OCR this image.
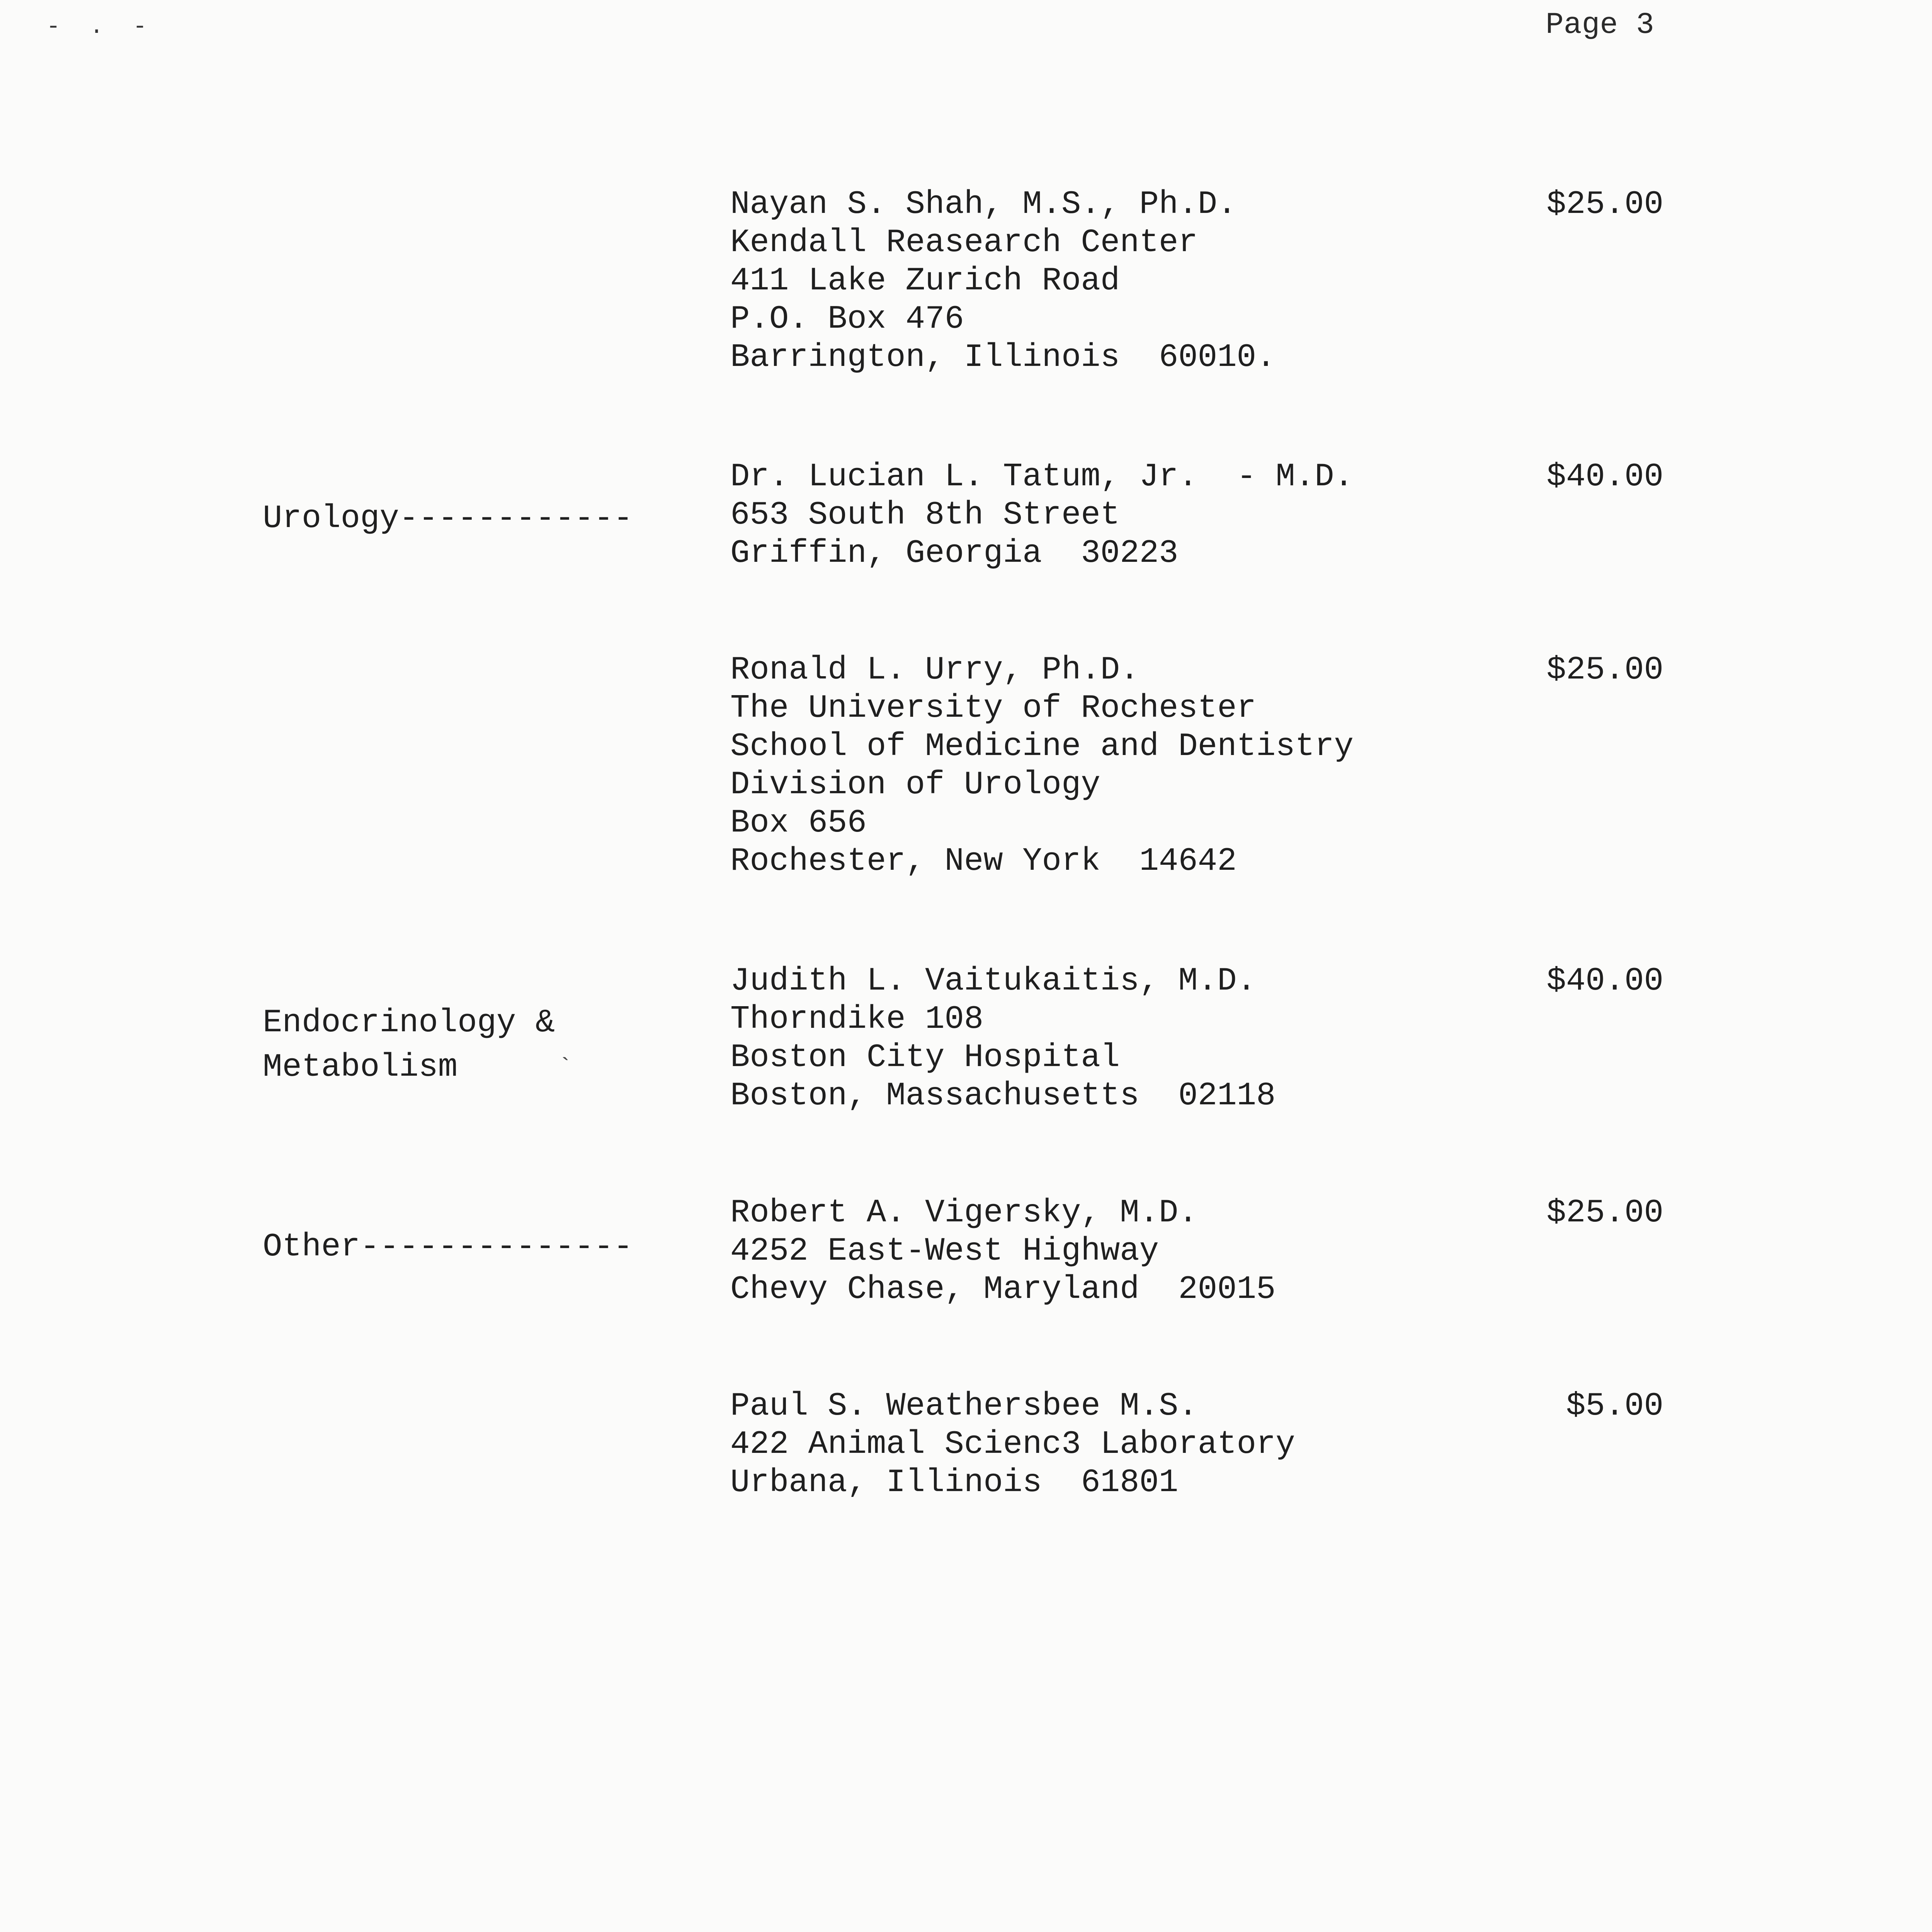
- . -	Page 3
Urology------------
Endocrinology &
Metabolism	`
Other--------------
Nayan S. Shah, M.S., Ph.D.
Kendall Reasearch Center
411 Lake Zurich Road
P.O. Box 476
Barrington, Illinois  60010.
$25.00
Dr. Lucian L. Tatum, Jr.  - M.D.
653 South 8th Street
Griffin, Georgia  30223
$40.00
Ronald L. Urry, Ph.D.
The University of Rochester
School of Medicine and Dentistry
Division of Urology
Box 656
Rochester, New York  14642
$25.00
Judith L. Vaitukaitis, M.D.
Thorndike 108
Boston City Hospital
Boston, Massachusetts  02118
$40.00
Robert A. Vigersky, M.D.
4252 East-West Highway
Chevy Chase, Maryland  20015
$25.00
Paul S. Weathersbee M.S.
422 Animal Scienc3 Laboratory
Urbana, Illinois  61801
$5.00
